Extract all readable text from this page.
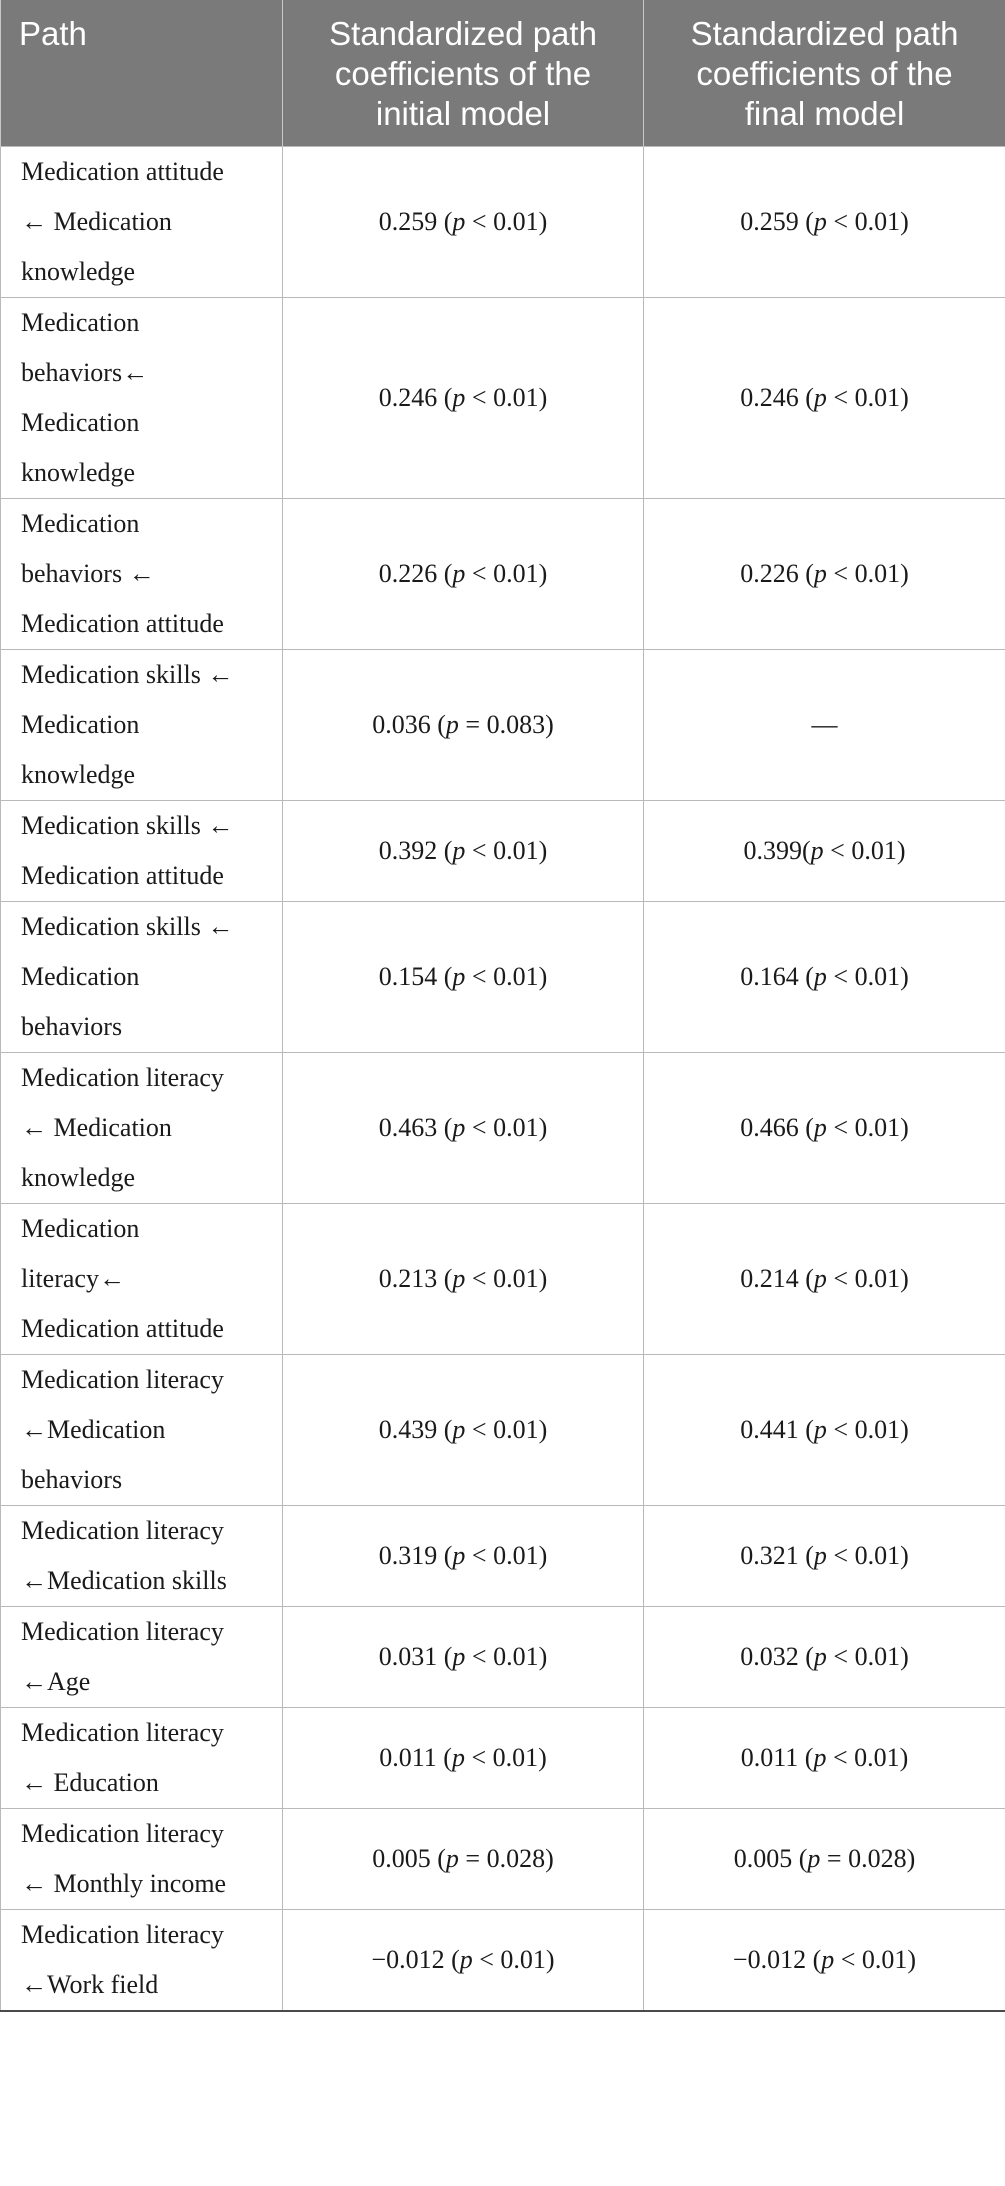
Path	Standardized path coefficients of the initial model	Standardized path coefficients of the final model
Medication attitude
← Medication
knowledge	0.259 (p < 0.01)	0.259 (p < 0.01)
Medication
behaviors←
Medication
knowledge	0.246 (p < 0.01)	0.246 (p < 0.01)
Medication
behaviors ←
Medication attitude	0.226 (p < 0.01)	0.226 (p < 0.01)
Medication skills ←
Medication
knowledge	0.036 (p = 0.083)	—
Medication skills ←
Medication attitude	0.392 (p < 0.01)	0.399(p < 0.01)
Medication skills ←
Medication
behaviors	0.154 (p < 0.01)	0.164 (p < 0.01)
Medication literacy
← Medication
knowledge	0.463 (p < 0.01)	0.466 (p < 0.01)
Medication
literacy←
Medication attitude	0.213 (p < 0.01)	0.214 (p < 0.01)
Medication literacy
←Medication
behaviors	0.439 (p < 0.01)	0.441 (p < 0.01)
Medication literacy
←Medication skills	0.319 (p < 0.01)	0.321 (p < 0.01)
Medication literacy
←Age	0.031 (p < 0.01)	0.032 (p < 0.01)
Medication literacy
← Education	0.011 (p < 0.01)	0.011 (p < 0.01)
Medication literacy
← Monthly income	0.005 (p = 0.028)	0.005 (p = 0.028)
Medication literacy
←Work field	−0.012 (p < 0.01)	−0.012 (p < 0.01)
